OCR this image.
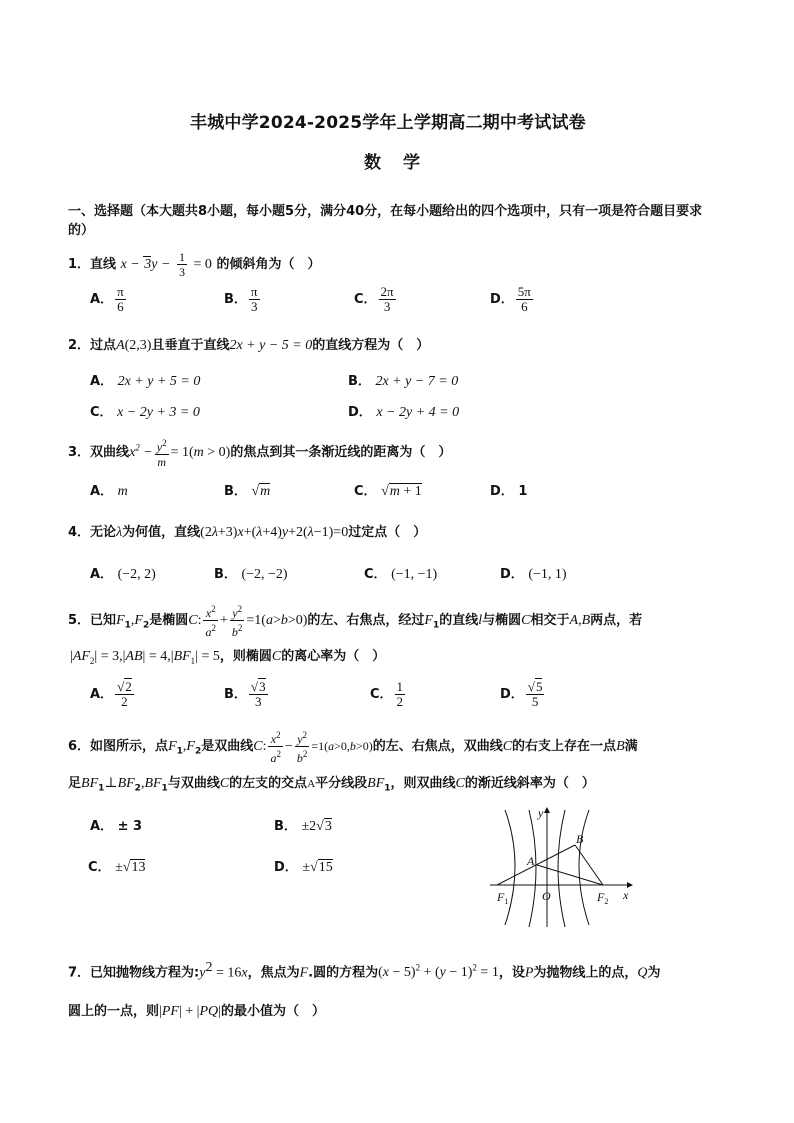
丰城中学2024-2025学年上学期高二期中考试试卷
数学
一、选择题（本大题共8小题，每小题5分，满分40分，在每小题给出的四个选项中，只有一项是符合题目要求的）
1．直线 $x - 3y - \frac{1}{3} = 0$ 的倾斜角为（　）
A． $\frac{\pi}{6}$	B． $\frac{\pi}{3}$	C． $\frac{2\pi}{3}$	D． $\frac{5\pi}{6}$
2．过点A(2,3)且垂直于直线2x + y − 5 = 0的直线方程为（　）
A． 2x + y + 5 = 0	B． 2x + y − 7 = 0
C． x − 2y + 3 = 0	D． x − 2y + 4 = 0
3．双曲线$x^2 - \frac{y^2}{m} = 1(m > 0)$的焦点到其一条渐近线的距离为（　）
A． m	B． √m	C． √m + 1	D． 1
4．无论λ为何值，直线(2λ+3)x+(λ+4)y+2(λ−1)=0过定点（　）
A． (−2, 2)	B． (−2, −2)	C． (−1, −1)	D． (−1, 1)
5．已知$F_1,F_2$是椭圆C: $\frac{x^2}{a^2} + \frac{y^2}{b^2} =1(a>b>0)$的左、右焦点，经过$F_1$的直线l与椭圆C相交于A,B两点，若
$|AF_2| = 3,|AB| = 4,|BF_1| = 5$，则椭圆C的离心率为（　）
A． $\frac{√2}{2}$	B． $\frac{√3}{3}$	C． $\frac{1}{2}$	D． $\frac{√5}{5}$
6．如图所示，点$F_1,F_2$是双曲线C: $\frac{x^2}{a^2} - \frac{y^2}{b^2} =1(a>0,b>0)$的左、右焦点，双曲线C的右支上存在一点B满
足$BF_1\perp BF_2,BF_1$与双曲线C的左支的交点A平分线段$BF_1$，则双曲线C的渐近线斜率为（　）
A． ± 3	B． ±2√3
C． ±√13	D． ±√15
y
x
O
A
B
$F_1$	$F_2$
7．已知抛物线方程为$:y^2 = 16x$，焦点为F.圆的方程为$(x - 5)^2 + (y - 1)^2 = 1$，设P为抛物线上的点，Q为
圆上的一点，则|PF| + |PQ|的最小值为（　）
